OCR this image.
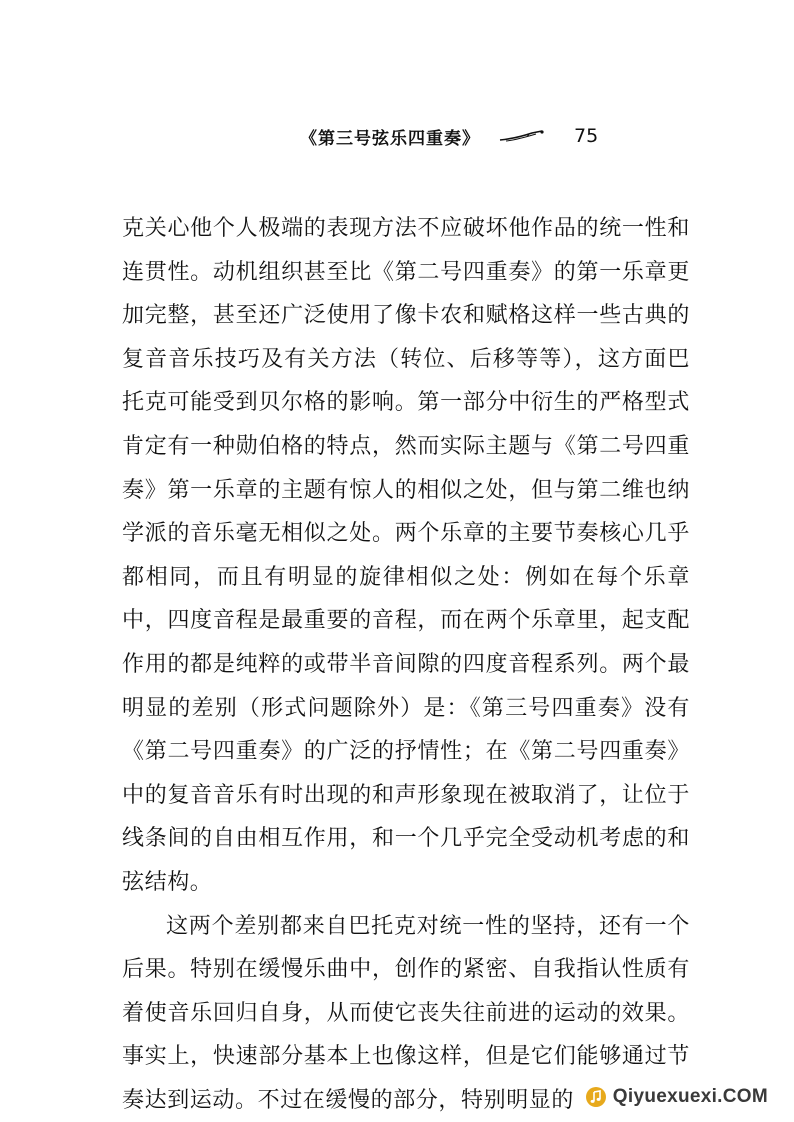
《第三号弦乐四重奏》	75

克关心他个人极端的表现方法不应破坏他作品的统一性和连贯性。动机组织甚至比《第二号四重奏》的第一乐章更加完整，甚至还广泛使用了像卡农和赋格这样一些古典的复音音乐技巧及有关方法（转位、后移等等），这方面巴托克可能受到贝尔格的影响。第一部分中衍生的严格型式肯定有一种勋伯格的特点，然而实际主题与《第二号四重奏》第一乐章的主题有惊人的相似之处，但与第二维也纳学派的音乐毫无相似之处。两个乐章的主要节奏核心几乎都相同，而且有明显的旋律相似之处：例如在每个乐章中，四度音程是最重要的音程，而在两个乐章里，起支配作用的都是纯粹的或带半音间隙的四度音程系列。两个最明显的差别（形式问题除外）是：《第三号四重奏》没有《第二号四重奏》的广泛的抒情性；在《第二号四重奏》中的复音音乐有时出现的和声形象现在被取消了，让位于线条间的自由相互作用，和一个几乎完全受动机考虑的和弦结构。

这两个差别都来自巴托克对统一性的坚持，还有一个后果。特别在缓慢乐曲中，创作的紧密、自我指认性质有着使音乐回归自身，从而使它丧失往前进的运动的效果。事实上，快速部分基本上也像这样，但是它们能够通过节奏达到运动。不过在缓慢的部分，特别明显的	Qiyuexuexi.COM
